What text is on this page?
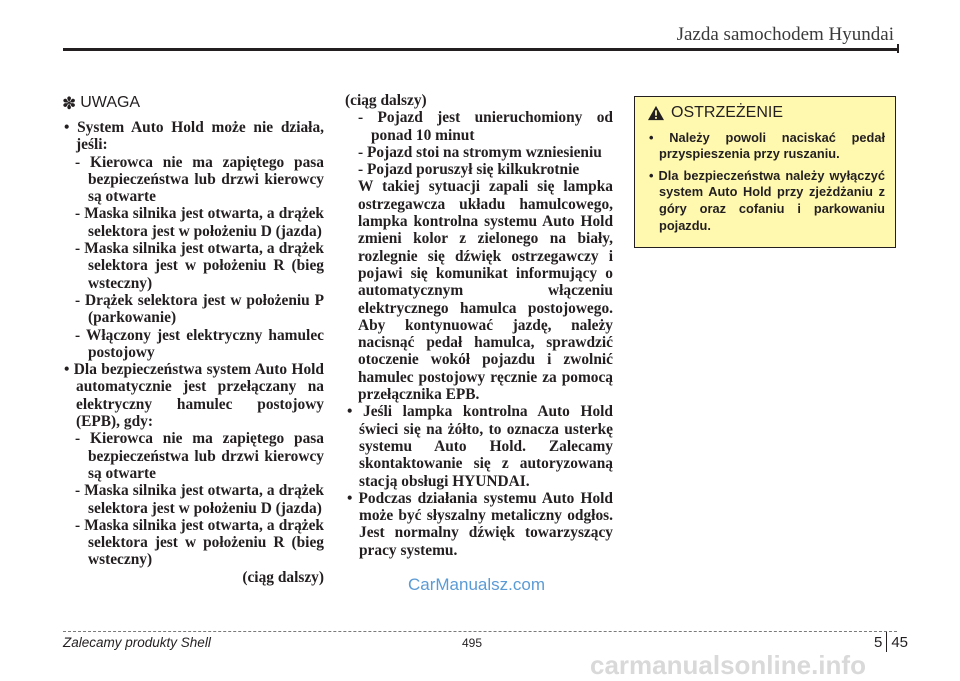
Jazda samochodem Hyundai
✽ UWAGA

• System Auto Hold może nie działa, jeśli:

- Kierowca nie ma zapiętego pasa bezpieczeństwa lub drzwi kierowcy są otwarte

- Maska silnika jest otwarta, a drążek selektora jest w położeniu D (jazda)

- Maska silnika jest otwarta, a drążek selektora jest w położeniu R (bieg wsteczny)

- Drążek selektora jest w położeniu P (parkowanie)

- Włączony jest elektryczny hamulec postojowy

• Dla bezpieczeństwa system Auto Hold automatycznie jest przełączany na elektryczny hamulec postojowy (EPB), gdy:

- Kierowca nie ma zapiętego pasa bezpieczeństwa lub drzwi kierowcy są otwarte

- Maska silnika jest otwarta, a drążek selektora jest w położeniu D (jazda)

- Maska silnika jest otwarta, a drążek selektora jest w położeniu R (bieg wsteczny)

(ciąg dalszy)

(ciąg dalszy)

- Pojazd jest unieruchomiony od ponad 10 minut

- Pojazd stoi na stromym wzniesieniu

- Pojazd poruszył się kilkukrotnie

W takiej sytuacji zapali się lampka ostrzegawcza układu hamulcowego, lampka kontrolna systemu Auto Hold zmieni kolor z zielonego na biały, rozlegnie się dźwięk ostrzegawczy i pojawi się komunikat informujący o automatycznym włączeniu elektrycznego hamulca postojowego. Aby kontynuować jazdę, należy nacisnąć pedał hamulca, sprawdzić otoczenie wokół pojazdu i zwolnić hamulec postojowy ręcznie za pomocą przełącznika EPB.

• Jeśli lampka kontrolna Auto Hold świeci się na żółto, to oznacza usterkę systemu Auto Hold. Zalecamy skontaktowanie się z autoryzowaną stacją obsługi HYUNDAI.

• Podczas działania systemu Auto Hold może być słyszalny metaliczny odgłos. Jest normalny dźwięk towarzyszący pracy systemu.

OSTRZEŻENIE

• Należy powoli naciskać pedał przyspieszenia przy ruszaniu.

• Dla bezpieczeństwa należy wyłączyć system Auto Hold przy zjeżdżaniu z góry oraz cofaniu i parkowaniu pojazdu.

CarManualsz.com
Zalecamy produkty Shell	495	5 45
carmanualsonline.info
